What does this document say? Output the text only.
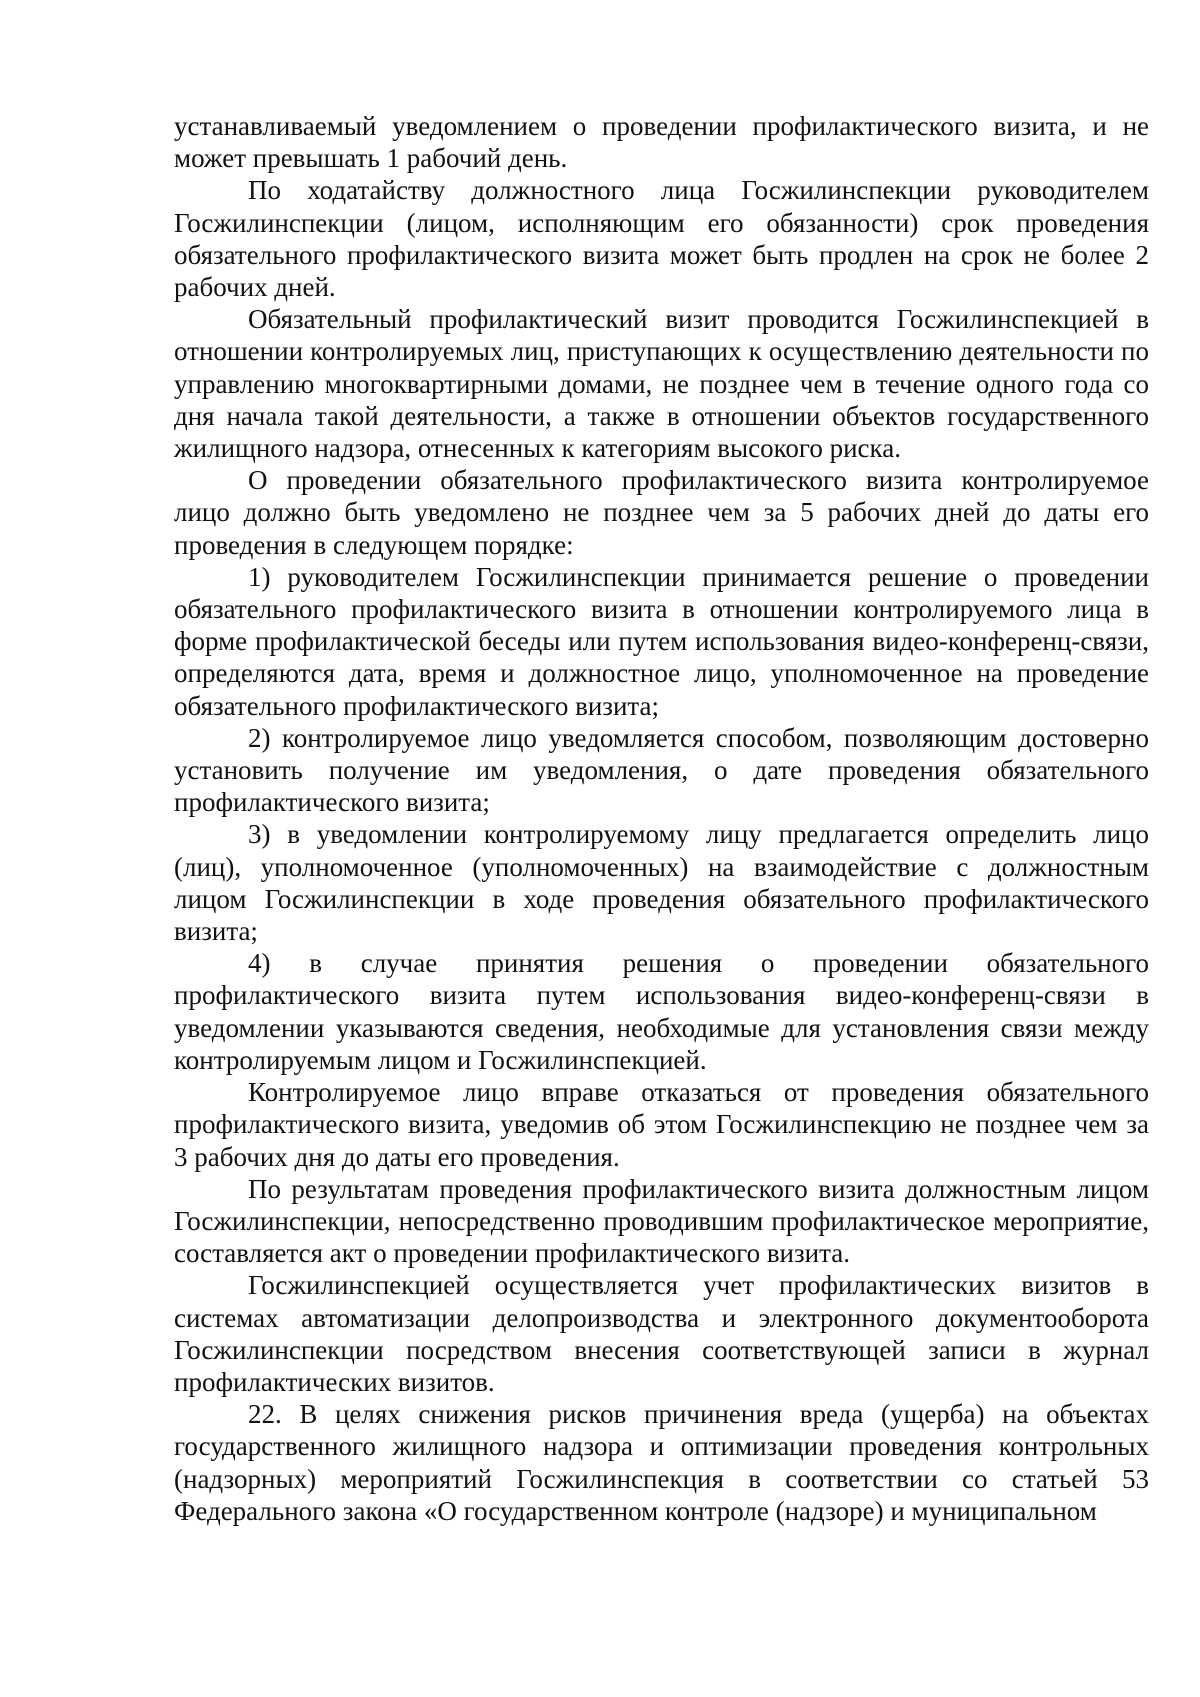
устанавливаемый уведомлением о проведении профилактического визита, и не может превышать 1 рабочий день.

По ходатайству должностного лица Госжилинспекции руководителем Госжилинспекции (лицом, исполняющим его обязанности) срок проведения обязательного профилактического визита может быть продлен на срок не более 2 рабочих дней.

Обязательный профилактический визит проводится Госжилинспекцией в отношении контролируемых лиц, приступающих к осуществлению деятельности по управлению многоквартирными домами, не позднее чем в течение одного года со дня начала такой деятельности, а также в отношении объектов государственного жилищного надзора, отнесенных к категориям высокого риска.

О проведении обязательного профилактического визита контролируемое лицо должно быть уведомлено не позднее чем за 5 рабочих дней до даты его проведения в следующем порядке:

1) руководителем Госжилинспекции принимается решение о проведении обязательного профилактического визита в отношении контролируемого лица в форме профилактической беседы или путем использования видео-конференц-связи, определяются дата, время и должностное лицо, уполномоченное на проведение обязательного профилактического визита;

2) контролируемое лицо уведомляется способом, позволяющим достоверно установить получение им уведомления, о дате проведения обязательного профилактического визита;

3) в уведомлении контролируемому лицу предлагается определить лицо (лиц), уполномоченное (уполномоченных) на взаимодействие с должностным лицом Госжилинспекции в ходе проведения обязательного профилактического визита;

4) в случае принятия решения о проведении обязательного профилактического визита путем использования видео-конференц-связи в уведомлении указываются сведения, необходимые для установления связи между контролируемым лицом и Госжилинспекцией.

Контролируемое лицо вправе отказаться от проведения обязательного профилактического визита, уведомив об этом Госжилинспекцию не позднее чем за 3 рабочих дня до даты его проведения.

По результатам проведения профилактического визита должностным лицом Госжилинспекции, непосредственно проводившим профилактическое мероприятие, составляется акт о проведении профилактического визита.

Госжилинспекцией осуществляется учет профилактических визитов в системах автоматизации делопроизводства и электронного документооборота Госжилинспекции посредством внесения соответствующей записи в журнал профилактических визитов.

22. В целях снижения рисков причинения вреда (ущерба) на объектах государственного жилищного надзора и оптимизации проведения контрольных (надзорных) мероприятий Госжилинспекция в соответствии со статьей 53 Федерального закона «О государственном контроле (надзоре) и муниципальном
